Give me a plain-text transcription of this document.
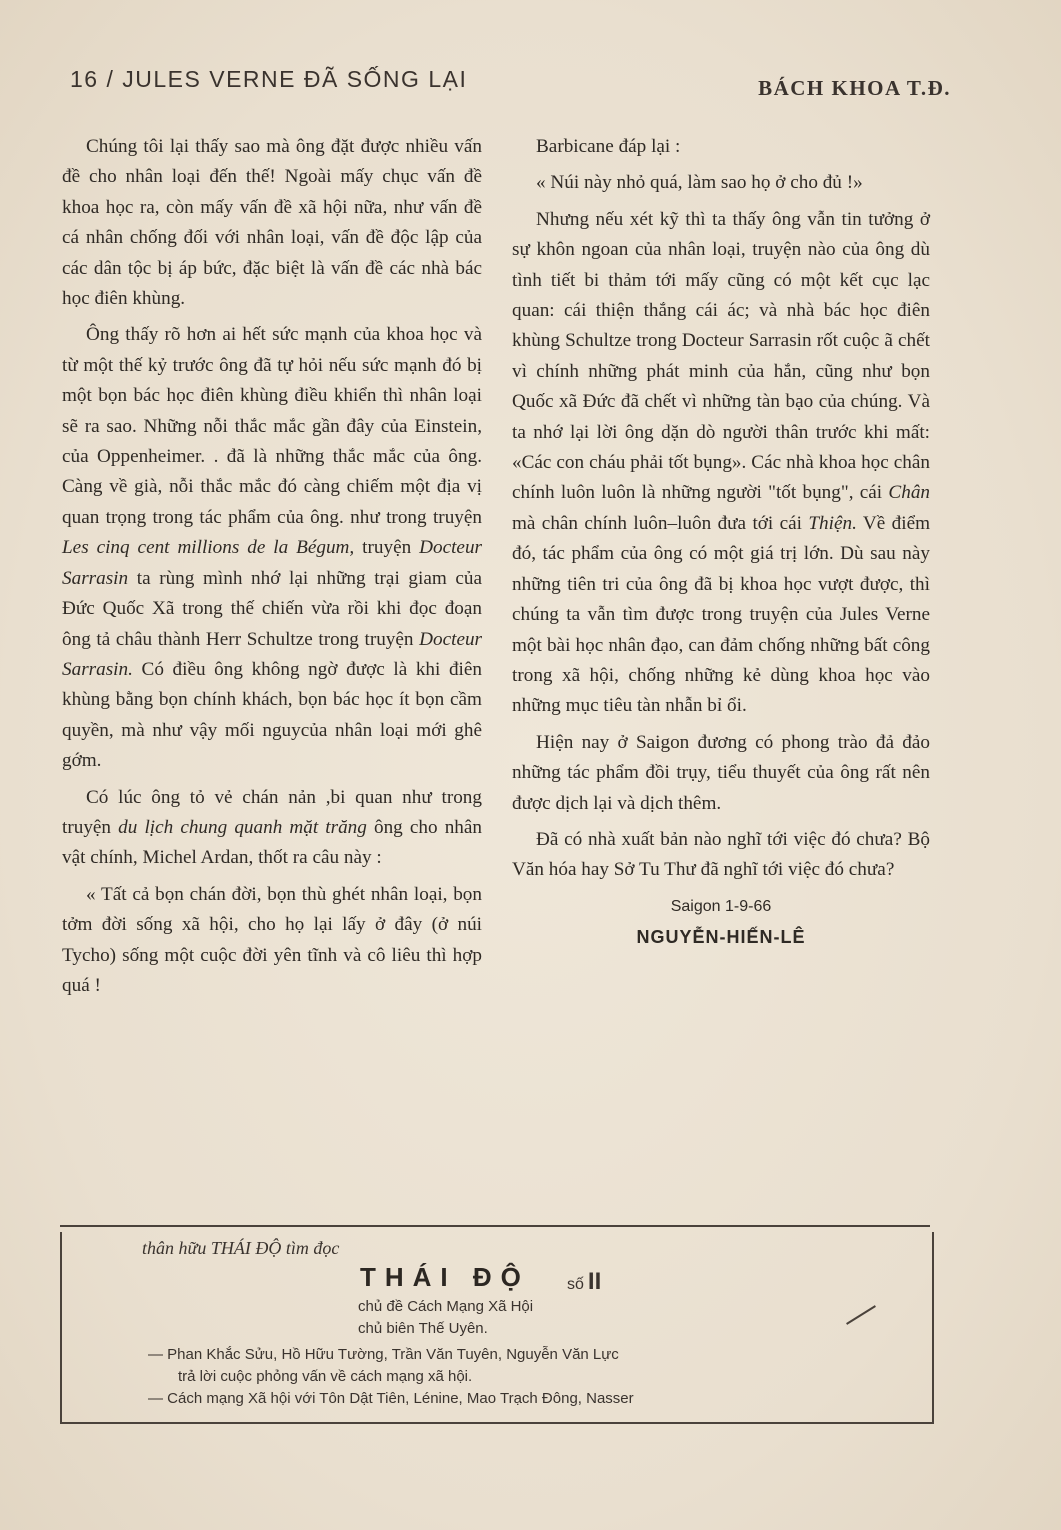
16 / JULES VERNE ĐÃ SỐNG LẠI	BÁCH KHOA T.Đ.

Chúng tôi lại thấy sao mà ông đặt được nhiều vấn đề cho nhân loại đến thế! Ngoài mấy chục vấn đề khoa học ra, còn mấy vấn đề xã hội nữa, như vấn đề cá nhân chống đối với nhân loại, vấn đề độc lập của các dân tộc bị áp bức, đặc biệt là vấn đề các nhà bác học điên khùng.

Ông thấy rõ hơn ai hết sức mạnh của khoa học và từ một thế kỷ trước ông đã tự hỏi nếu sức mạnh đó bị một bọn bác học điên khùng điều khiển thì nhân loại sẽ ra sao. Những nỗi thắc mắc gần đây của Einstein, của Oppenheimer. . đã là những thắc mắc của ông. Càng về già, nỗi thắc mắc đó càng chiếm một địa vị quan trọng trong tác phẩm của ông. như trong truyện Les cinq cent millions de la Bégum, truyện Docteur Sarrasin ta rùng mình nhớ lại những trại giam của Đức Quốc Xã trong thế chiến vừa rồi khi đọc đoạn ông tả châu thành Herr Schultze trong truyện Docteur Sarrasin. Có điều ông không ngờ được là khi điên khùng bằng bọn chính khách, bọn bác học ít bọn cầm quyền, mà như vậy mối nguycủa nhân loại mới ghê gớm.

Có lúc ông tỏ vẻ chán nản ,bi quan như trong truyện du lịch chung quanh mặt trăng ông cho nhân vật chính, Michel Ardan, thốt ra câu này :

« Tất cả bọn chán đời, bọn thù ghét nhân loại, bọn tởm đời sống xã hội, cho họ lại lấy ở đây (ở núi Tycho) sống một cuộc đời yên tĩnh và cô liêu thì hợp quá !

Barbicane đáp lại :

« Núi này nhỏ quá, làm sao họ ở cho đủ !»

Nhưng nếu xét kỹ thì ta thấy ông vẫn tin tưởng ở sự khôn ngoan của nhân loại, truyện nào của ông dù tình tiết bi thảm tới mấy cũng có một kết cục lạc quan: cái thiện thắng cái ác; và nhà bác học điên khùng Schultze trong Docteur Sarrasin rốt cuộc ã chết vì chính những phát minh của hắn, cũng như bọn Quốc xã Đức đã chết vì những tàn bạo của chúng. Và ta nhớ lại lời ông dặn dò người thân trước khi mất: «Các con cháu phải tốt bụng». Các nhà khoa học chân chính luôn luôn là những người "tốt bụng", cái Chân mà chân chính luôn–luôn đưa tới cái Thiện. Về điểm đó, tác phẩm của ông có một giá trị lớn. Dù sau này những tiên tri của ông đã bị khoa học vượt được, thì chúng ta vẫn tìm được trong truyện của Jules Verne một bài học nhân đạo, can đảm chống những bất công trong xã hội, chống những kẻ dùng khoa học vào những mục tiêu tàn nhẫn bỉ ổi.

Hiện nay ở Saigon đương có phong trào đả đảo những tác phẩm đồi trụy, tiểu thuyết của ông rất nên được dịch lại và dịch thêm.

Đã có nhà xuất bản nào nghĩ tới việc đó chưa? Bộ Văn hóa hay Sở Tu Thư đã nghĩ tới việc đó chưa?

Saigon 1-9-66

NGUYỄN-HIẾN-LÊ

thân hữu THÁI ĐỘ tìm đọc
THÁI ĐỘ số II
chủ đề Cách Mạng Xã Hội
chủ biên Thế Uyên.
— Phan Khắc Sửu, Hồ Hữu Tường, Trần Văn Tuyên, Nguyễn Văn Lực
trả lời cuộc phỏng vấn về cách mạng xã hội.
— Cách mạng Xã hội với Tôn Dật Tiên, Lénine, Mao Trạch Đông, Nasser
